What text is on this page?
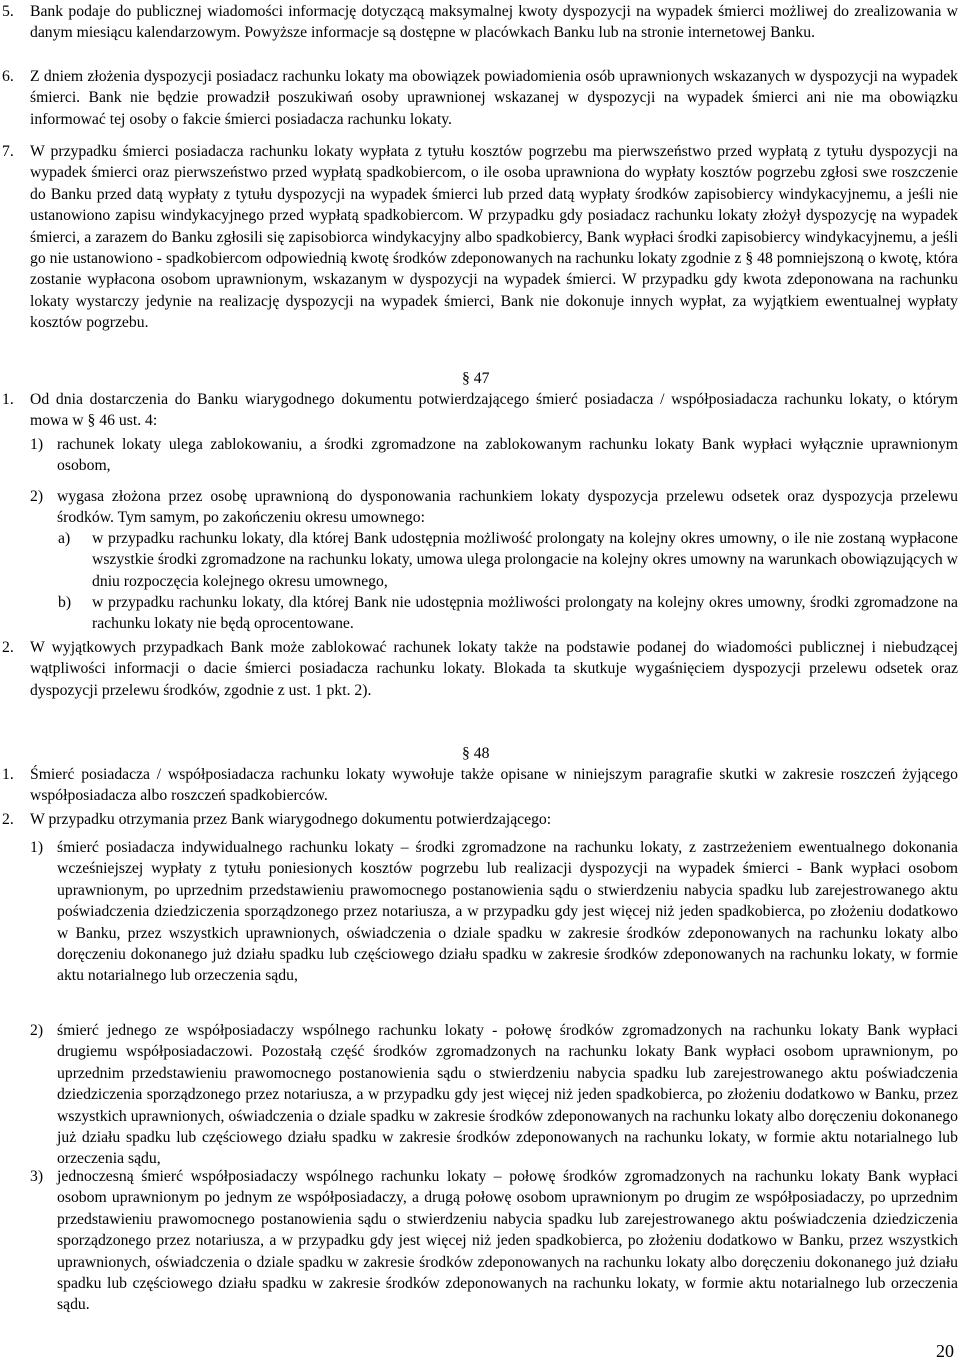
5.	Bank podaje do publicznej wiadomości informację dotyczącą maksymalnej kwoty dyspozycji na wypadek śmierci możliwej do zrealizowania w danym miesiącu kalendarzowym. Powyższe informacje są dostępne w placówkach Banku lub na stronie internetowej Banku.

6.	Z dniem złożenia dyspozycji posiadacz rachunku lokaty ma obowiązek powiadomienia osób uprawnionych wskazanych w dyspozycji na wypadek śmierci. Bank nie będzie prowadził poszukiwań osoby uprawnionej wskazanej w dyspozycji na wypadek śmierci ani nie ma obowiązku informować tej osoby o fakcie śmierci posiadacza rachunku lokaty.

7.	W przypadku śmierci posiadacza rachunku lokaty wypłata z tytułu kosztów pogrzebu ma pierwszeństwo przed wypłatą z tytułu dyspozycji na wypadek śmierci oraz pierwszeństwo przed wypłatą spadkobiercom, o ile osoba uprawniona do wypłaty kosztów pogrzebu zgłosi swe roszczenie do Banku przed datą wypłaty z tytułu dyspozycji na wypadek śmierci lub przed datą wypłaty środków zapisobiercy windykacyjnemu, a jeśli nie ustanowiono zapisu windykacyjnego przed wypłatą spadkobiercom. W przypadku gdy posiadacz rachunku lokaty złożył dyspozycję na wypadek śmierci, a zarazem do Banku zgłosili się zapisobiorca windykacyjny albo spadkobiercy, Bank wypłaci środki zapisobiercy windykacyjnemu, a jeśli go nie ustanowiono - spadkobiercom odpowiednią kwotę środków zdeponowanych na rachunku lokaty zgodnie z § 48 pomniejszoną o kwotę, która zostanie wypłacona osobom uprawnionym, wskazanym w dyspozycji na wypadek śmierci. W przypadku gdy kwota zdeponowana na rachunku lokaty wystarczy jedynie na realizację dyspozycji na wypadek śmierci, Bank nie dokonuje innych wypłat, za wyjątkiem ewentualnej wypłaty kosztów pogrzebu.

§ 47
1.	Od dnia dostarczenia do Banku wiarygodnego dokumentu potwierdzającego śmierć posiadacza / współposiadacza rachunku lokaty, o którym mowa w § 46 ust. 4:

1) rachunek lokaty ulega zablokowaniu, a środki zgromadzone na zablokowanym rachunku lokaty Bank wypłaci wyłącznie uprawnionym osobom,

2) wygasa złożona przez osobę uprawnioną do dysponowania rachunkiem lokaty dyspozycja przelewu odsetek oraz dyspozycja przelewu środków. Tym samym, po zakończeniu okresu umownego:

a)	w przypadku rachunku lokaty, dla której Bank udostępnia możliwość prolongaty na kolejny okres umowny, o ile nie zostaną wypłacone wszystkie środki zgromadzone na rachunku lokaty, umowa ulega prolongacie na kolejny okres umowny na warunkach obowiązujących w dniu rozpoczęcia kolejnego okresu umownego,

b)	w przypadku rachunku lokaty, dla której Bank nie udostępnia możliwości prolongaty na kolejny okres umowny, środki zgromadzone na rachunku lokaty nie będą oprocentowane.

2.	W wyjątkowych przypadkach Bank może zablokować rachunek lokaty także na podstawie podanej do wiadomości publicznej i niebudzącej wątpliwości informacji o dacie śmierci posiadacza rachunku lokaty. Blokada ta skutkuje wygaśnięciem dyspozycji przelewu odsetek oraz dyspozycji przelewu środków, zgodnie z ust. 1 pkt. 2).

§ 48
1.	Śmierć posiadacza / współposiadacza rachunku lokaty wywołuje także opisane w niniejszym paragrafie skutki w zakresie roszczeń żyjącego współposiadacza albo roszczeń spadkobierców.

2.	W przypadku otrzymania przez Bank wiarygodnego dokumentu potwierdzającego:

1) śmierć posiadacza indywidualnego rachunku lokaty – środki zgromadzone na rachunku lokaty, z zastrzeżeniem ewentualnego dokonania wcześniejszej wypłaty z tytułu poniesionych kosztów pogrzebu lub realizacji dyspozycji na wypadek śmierci - Bank wypłaci osobom uprawnionym, po uprzednim przedstawieniu prawomocnego postanowienia sądu o stwierdzeniu nabycia spadku lub zarejestrowanego aktu poświadczenia dziedziczenia sporządzonego przez notariusza, a w przypadku gdy jest więcej niż jeden spadkobierca, po złożeniu dodatkowo w Banku, przez wszystkich uprawnionych, oświadczenia o dziale spadku w zakresie środków zdeponowanych na rachunku lokaty albo doręczeniu dokonanego już działu spadku lub częściowego działu spadku w zakresie środków zdeponowanych na rachunku lokaty, w formie aktu notarialnego lub orzeczenia sądu,

2) śmierć jednego ze współposiadaczy wspólnego rachunku lokaty - połowę środków zgromadzonych na rachunku lokaty Bank wypłaci drugiemu współposiadaczowi. Pozostałą część środków zgromadzonych na rachunku lokaty Bank wypłaci osobom uprawnionym, po uprzednim przedstawieniu prawomocnego postanowienia sądu o stwierdzeniu nabycia spadku lub zarejestrowanego aktu poświadczenia dziedziczenia sporządzonego przez notariusza, a w przypadku gdy jest więcej niż jeden spadkobierca, po złożeniu dodatkowo w Banku, przez wszystkich uprawnionych, oświadczenia o dziale spadku w zakresie środków zdeponowanych na rachunku lokaty albo doręczeniu dokonanego już działu spadku lub częściowego działu spadku w zakresie środków zdeponowanych na rachunku lokaty, w formie aktu notarialnego lub orzeczenia sądu,

3) jednoczesną śmierć współposiadaczy wspólnego rachunku lokaty – połowę środków zgromadzonych na rachunku lokaty Bank wypłaci osobom uprawnionym po jednym ze współposiadaczy, a drugą połowę osobom uprawnionym po drugim ze współposiadaczy, po uprzednim przedstawieniu prawomocnego postanowienia sądu o stwierdzeniu nabycia spadku lub zarejestrowanego aktu poświadczenia dziedziczenia sporządzonego przez notariusza, a w przypadku gdy jest więcej niż jeden spadkobierca, po złożeniu dodatkowo w Banku, przez wszystkich uprawnionych, oświadczenia o dziale spadku w zakresie środków zdeponowanych na rachunku lokaty albo doręczeniu dokonanego już działu spadku lub częściowego działu spadku w zakresie środków zdeponowanych na rachunku lokaty, w formie aktu notarialnego lub orzeczenia sądu.

20
